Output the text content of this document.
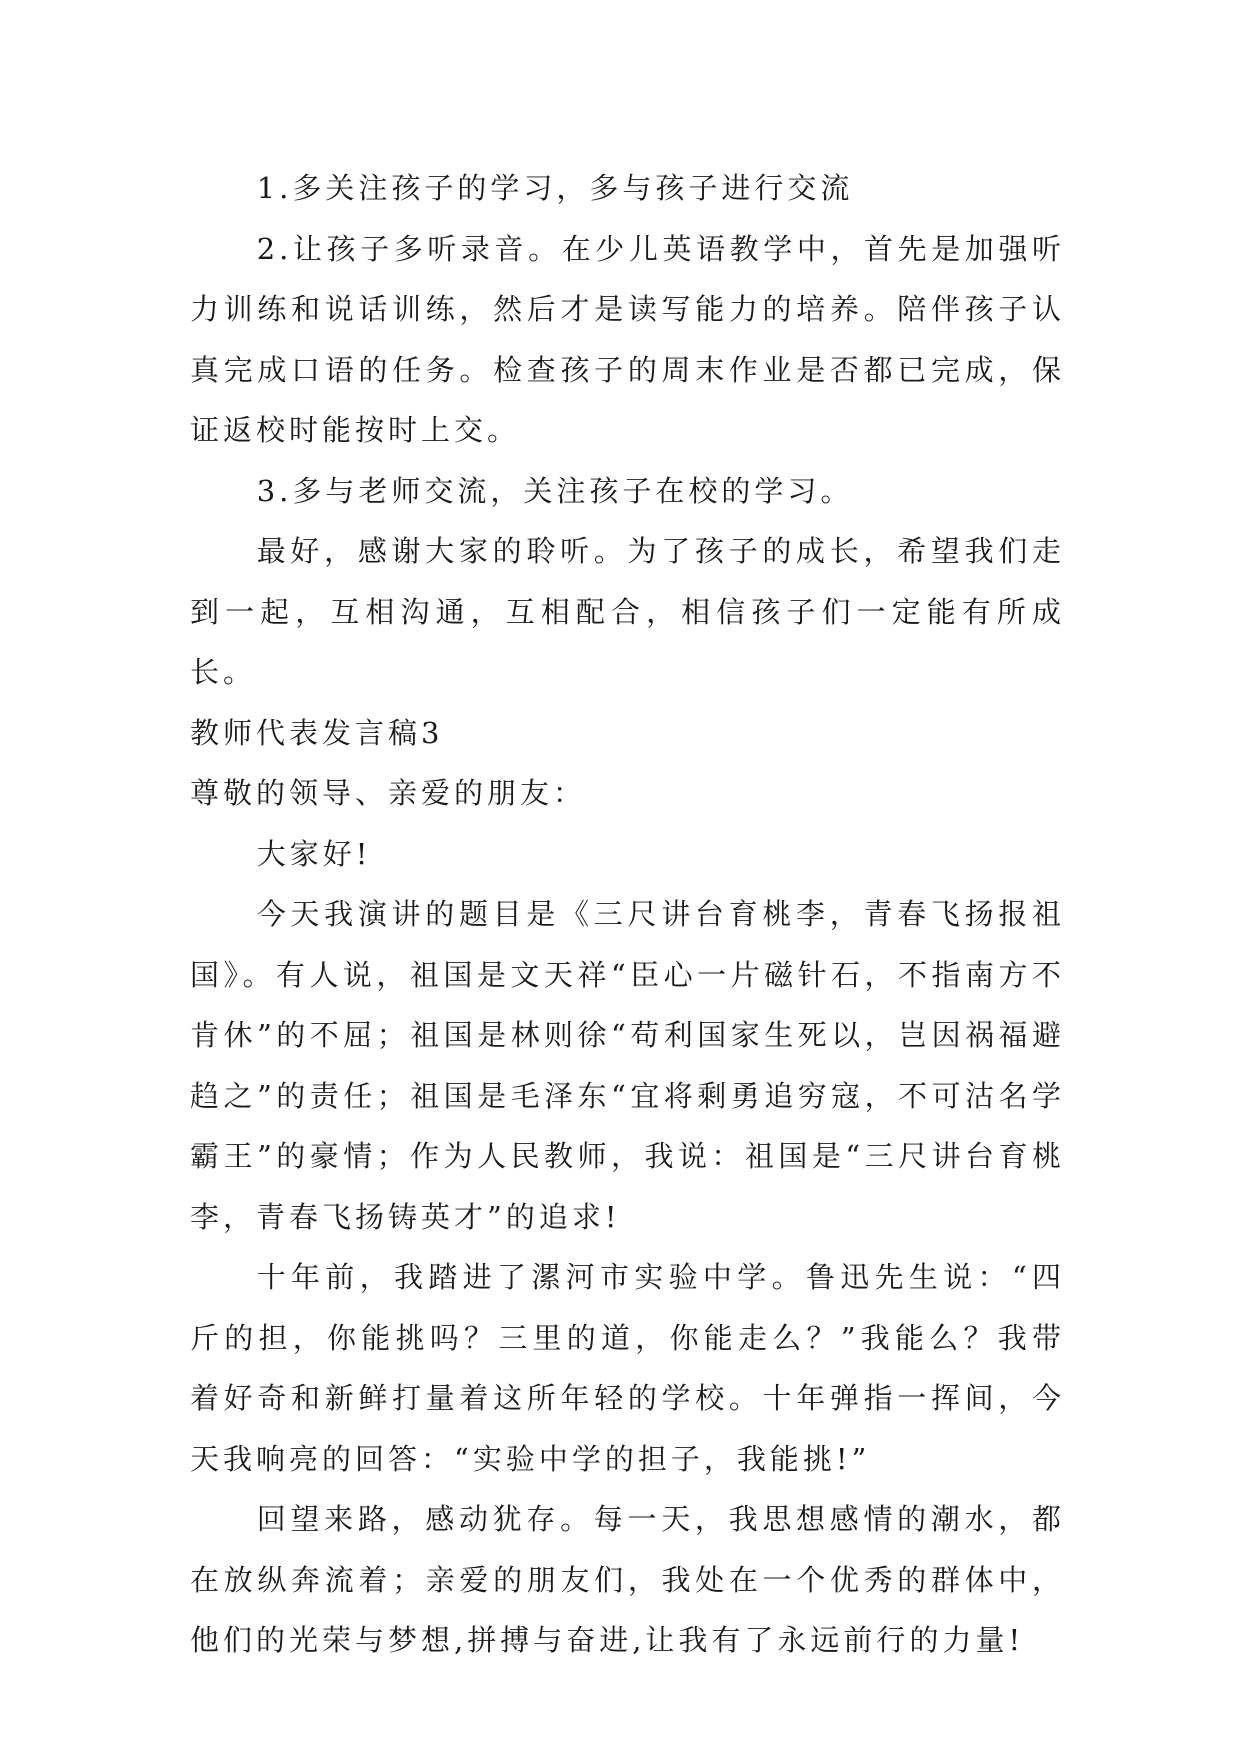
1.多关注孩子的学习，多与孩子进行交流

2.让孩子多听录音。在少儿英语教学中，首先是加强听力训练和说话训练，然后才是读写能力的培养。陪伴孩子认真完成口语的任务。检查孩子的周末作业是否都已完成，保证返校时能按时上交。

3.多与老师交流，关注孩子在校的学习。

最好，感谢大家的聆听。为了孩子的成长，希望我们走到一起，互相沟通，互相配合，相信孩子们一定能有所成长。

教师代表发言稿3

尊敬的领导、亲爱的朋友：

大家好!

今天我演讲的题目是《三尺讲台育桃李，青春飞扬报祖国》。有人说，祖国是文天祥“臣心一片磁针石，不指南方不肯休”的不屈；祖国是林则徐“苟利国家生死以，岂因祸福避趋之”的责任；祖国是毛泽东“宜将剩勇追穷寇，不可沽名学霸王”的豪情；作为人民教师，我说：祖国是“三尺讲台育桃李，青春飞扬铸英才”的追求!

十年前，我踏进了漯河市实验中学。鲁迅先生说：“四斤的担，你能挑吗？三里的道，你能走么？”我能么？我带着好奇和新鲜打量着这所年轻的学校。十年弹指一挥间，今天我响亮的回答：“实验中学的担子，我能挑!”

回望来路，感动犹存。每一天，我思想感情的潮水，都在放纵奔流着；亲爱的朋友们，我处在一个优秀的群体中，他们的光荣与梦想,拼搏与奋进,让我有了永远前行的力量!
